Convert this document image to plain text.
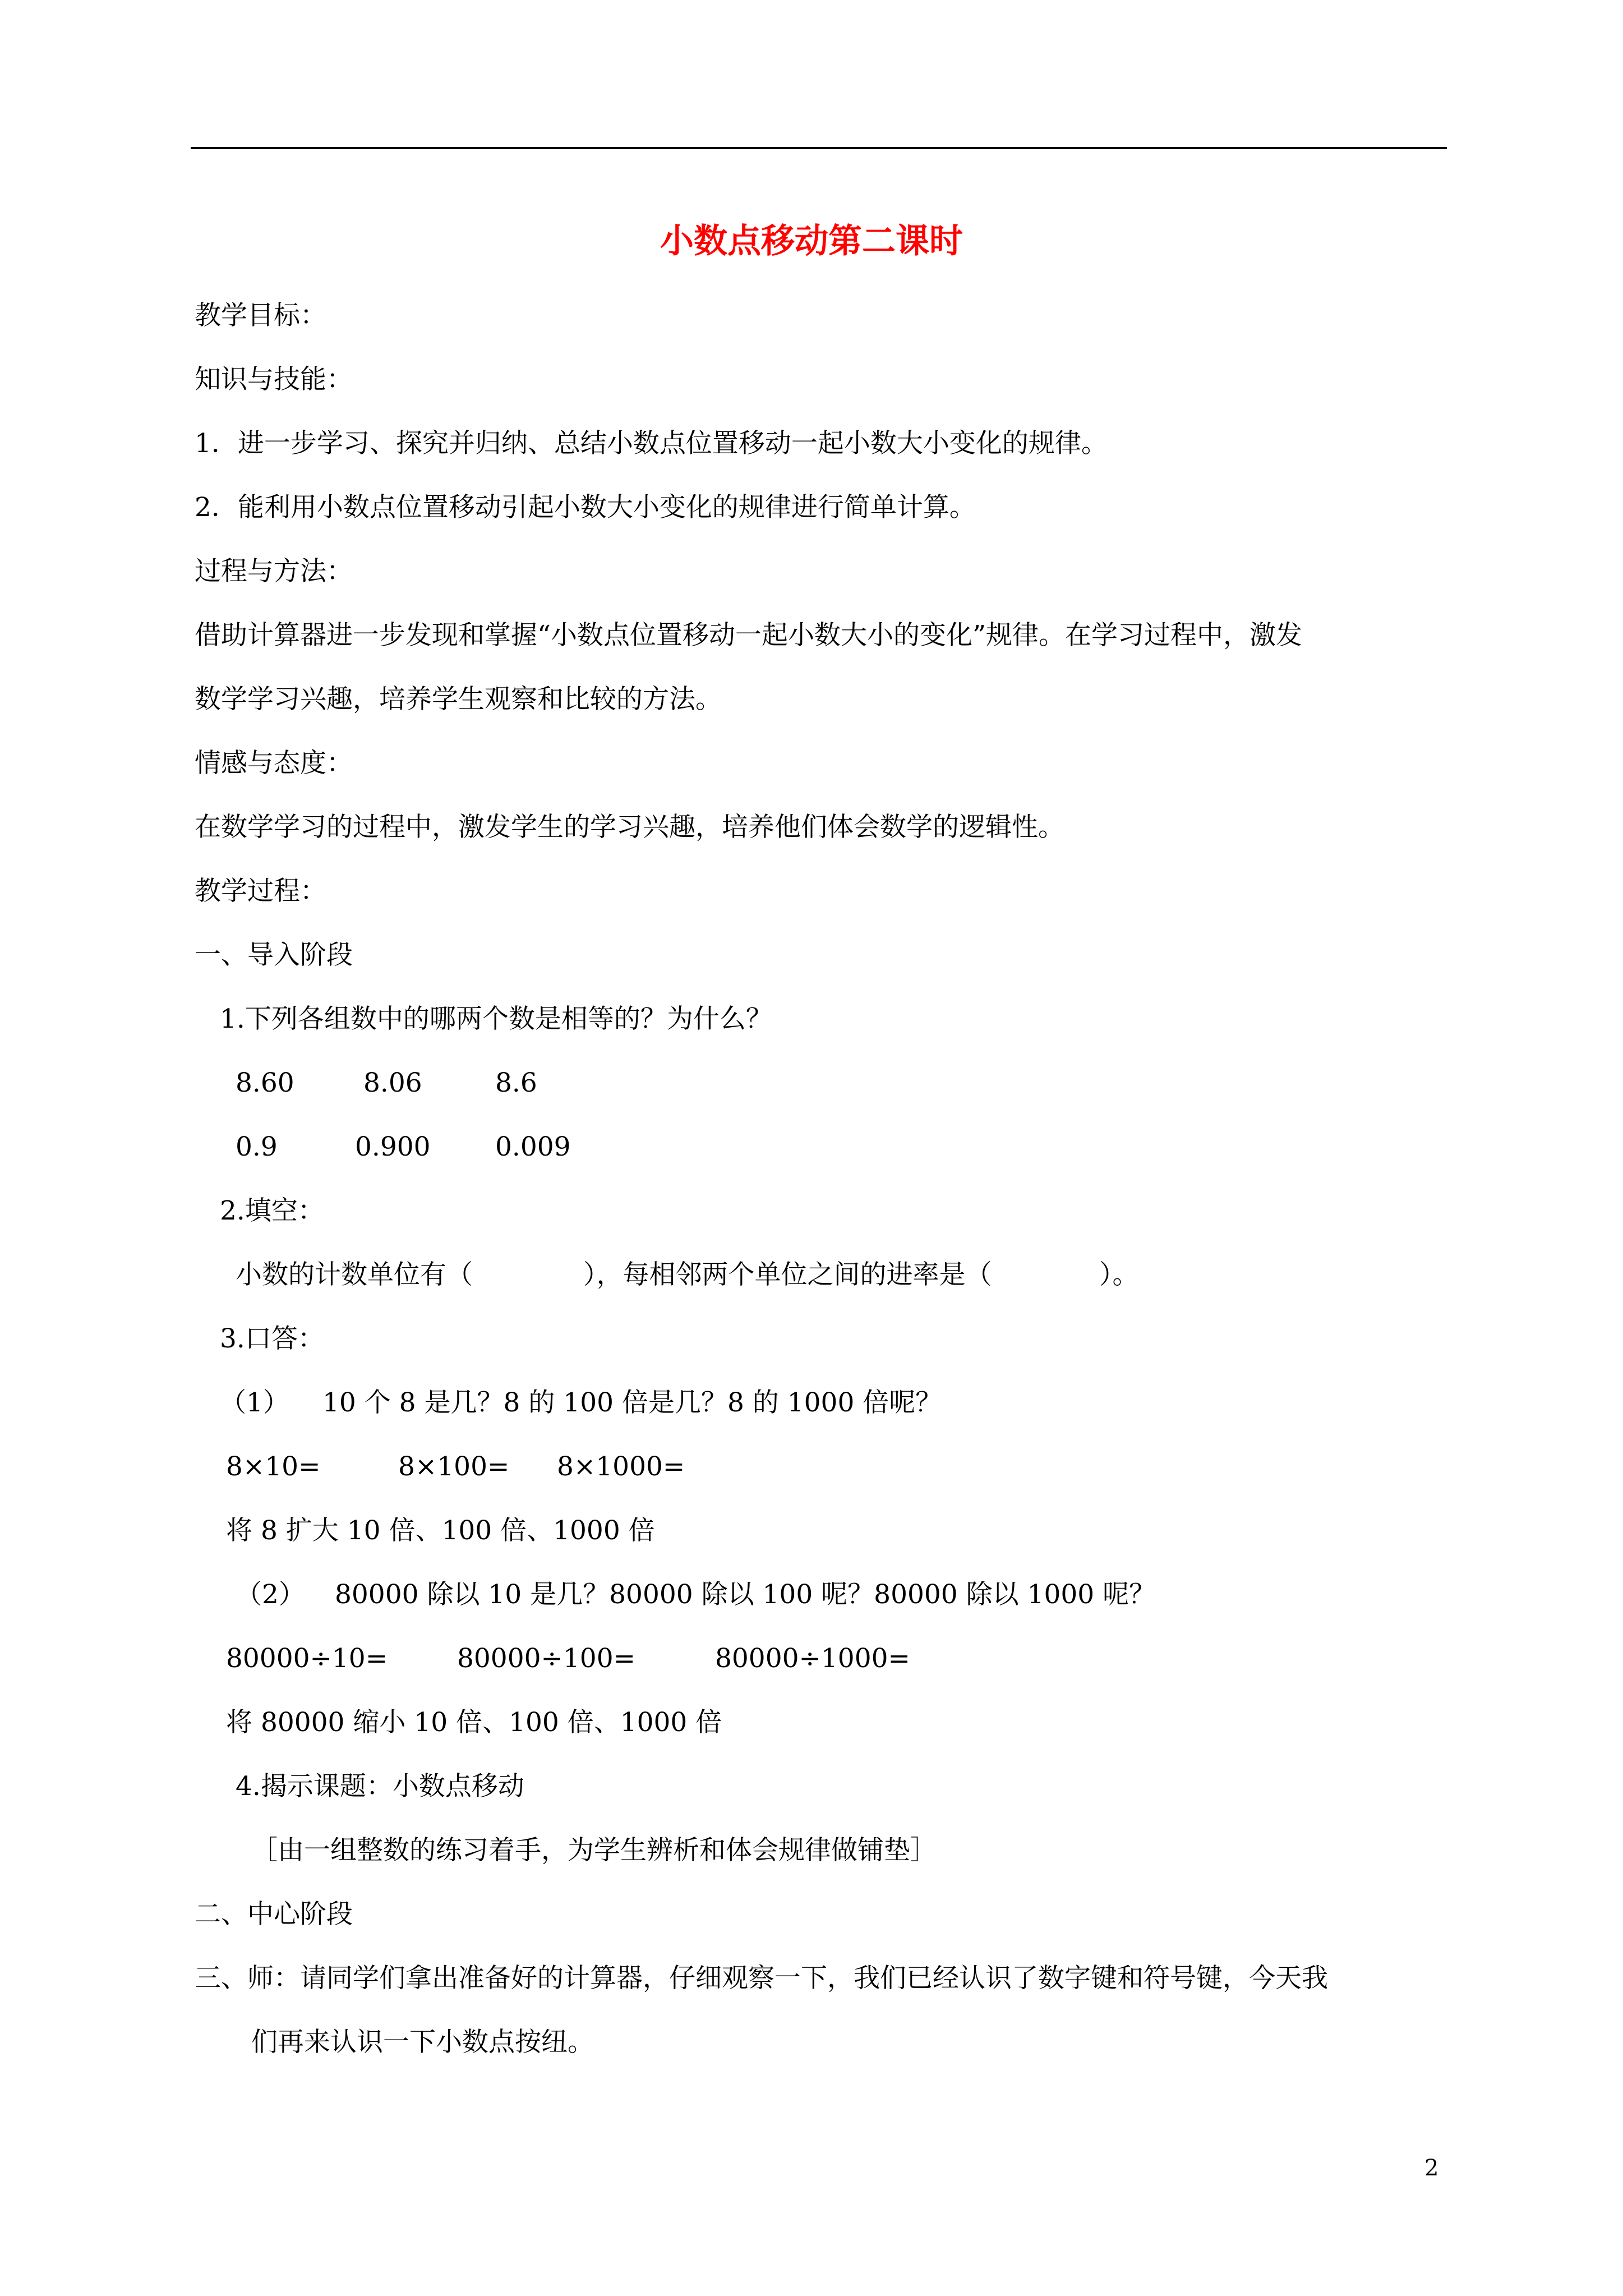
小数点移动第二课时
教学目标：
知识与技能：
1．进一步学习、探究并归纳、总结小数点位置移动一起小数大小变化的规律。
2．能利用小数点位置移动引起小数大小变化的规律进行简单计算。
过程与方法：
借助计算器进一步发现和掌握“小数点位置移动一起小数大小的变化”规律。在学习过程中，激发
数学学习兴趣，培养学生观察和比较的方法。
情感与态度：
在数学学习的过程中，激发学生的学习兴趣，培养他们体会数学的逻辑性。
教学过程：
一、导入阶段
1.下列各组数中的哪两个数是相等的？为什么？
8.60	8.06	8.6
0.9	0.900 0.009
2.填空：
小数的计数单位有（	），每相邻两个单位之间的进率是（	）。
3.口答：
（1） 10 个 8 是几？8 的 100 倍是几？8 的 1000 倍呢？
8×10=	8×100= 8×1000=
将 8 扩大 10 倍、100 倍、1000 倍
（2） 80000 除以 10 是几？80000 除以 100 呢？80000 除以 1000 呢？
80000÷10=	80000÷100=	80000÷1000=
将 80000 缩小 10 倍、100 倍、1000 倍
4.揭示课题：小数点移动
［由一组整数的练习着手，为学生辨析和体会规律做铺垫］
二、中心阶段
三、师：请同学们拿出准备好的计算器，仔细观察一下，我们已经认识了数字键和符号键，今天我
们再来认识一下小数点按纽。
2
